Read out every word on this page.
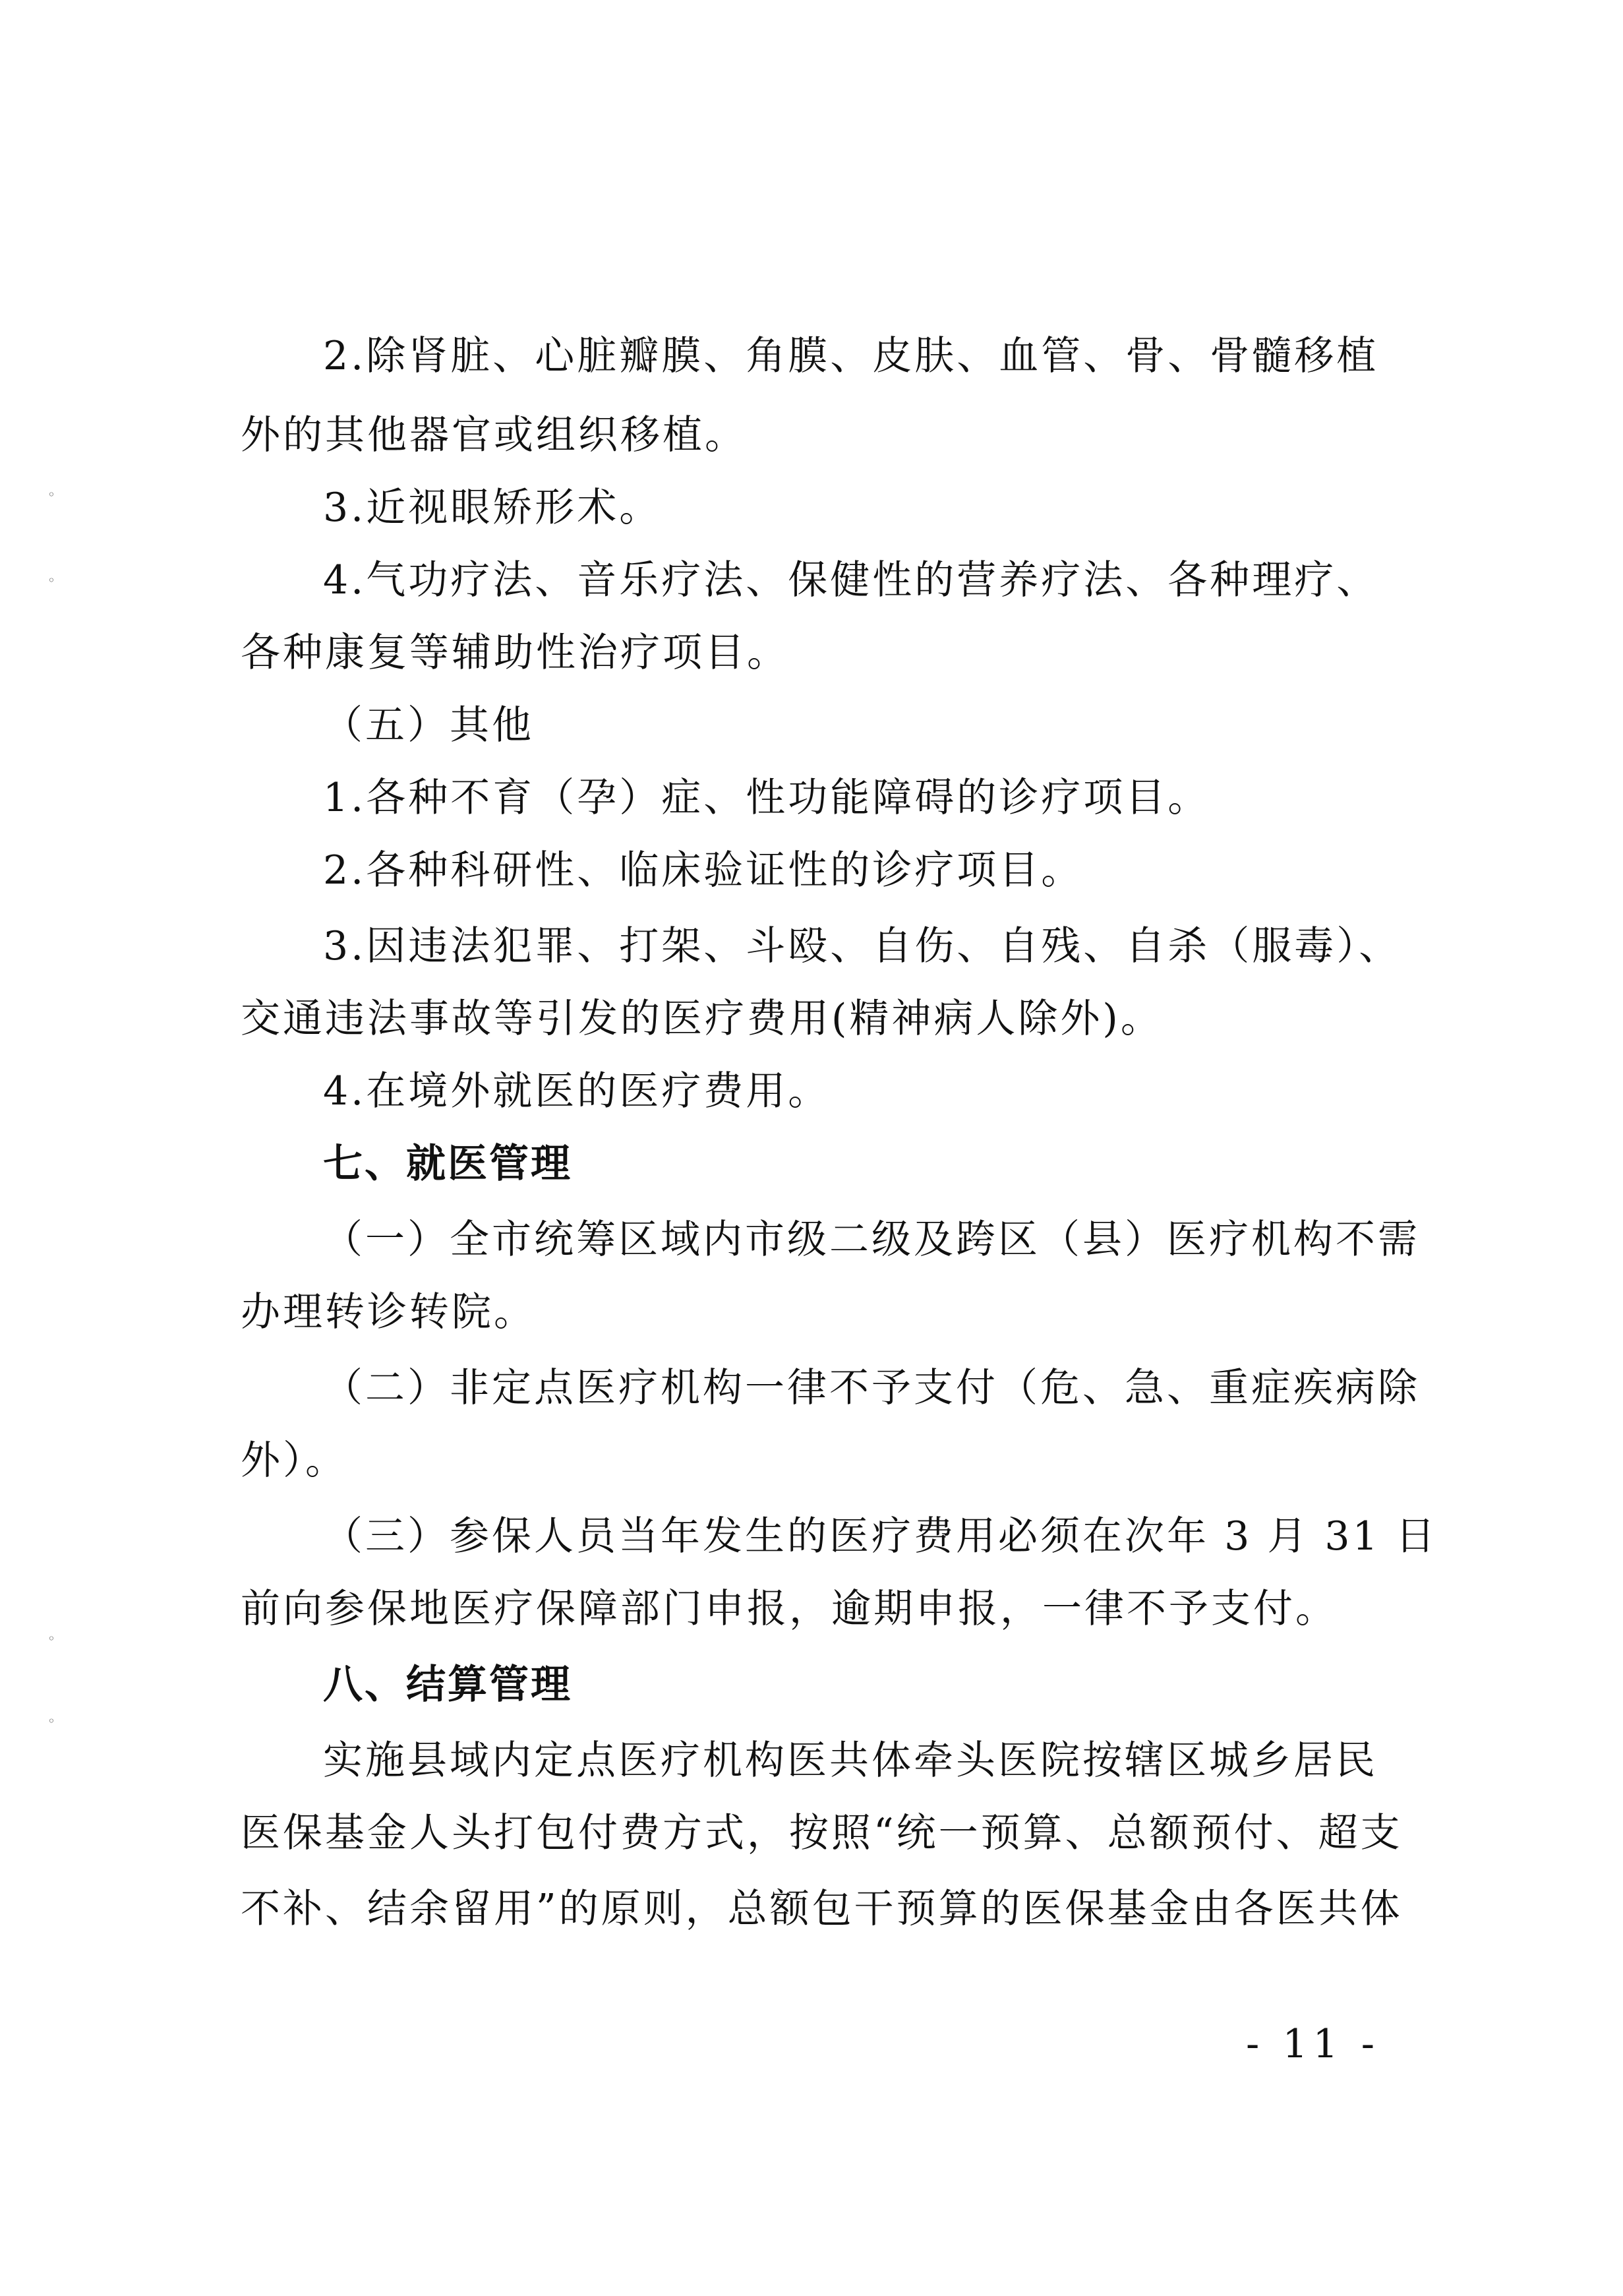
◦
◦
◦
◦
2.除肾脏、心脏瓣膜、角膜、皮肤、血管、骨、骨髓移植
外的其他器官或组织移植。
3.近视眼矫形术。
4.气功疗法、音乐疗法、保健性的营养疗法、各种理疗、
各种康复等辅助性治疗项目。
（五）其他
1.各种不育（孕）症、性功能障碍的诊疗项目。
2.各种科研性、临床验证性的诊疗项目。
3.因违法犯罪、打架、斗殴、自伤、自残、自杀（服毒）、
交通违法事故等引发的医疗费用(精神病人除外)。
4.在境外就医的医疗费用。
七、就医管理
（一）全市统筹区域内市级二级及跨区（县）医疗机构不需
办理转诊转院。
（二）非定点医疗机构一律不予支付（危、急、重症疾病除
外）。
（三）参保人员当年发生的医疗费用必须在次年 3 月 31 日
前向参保地医疗保障部门申报，逾期申报，一律不予支付。
八、结算管理
实施县域内定点医疗机构医共体牵头医院按辖区城乡居民
医保基金人头打包付费方式，按照“统一预算、总额预付、超支
不补、结余留用”的原则，总额包干预算的医保基金由各医共体
- 11 -
